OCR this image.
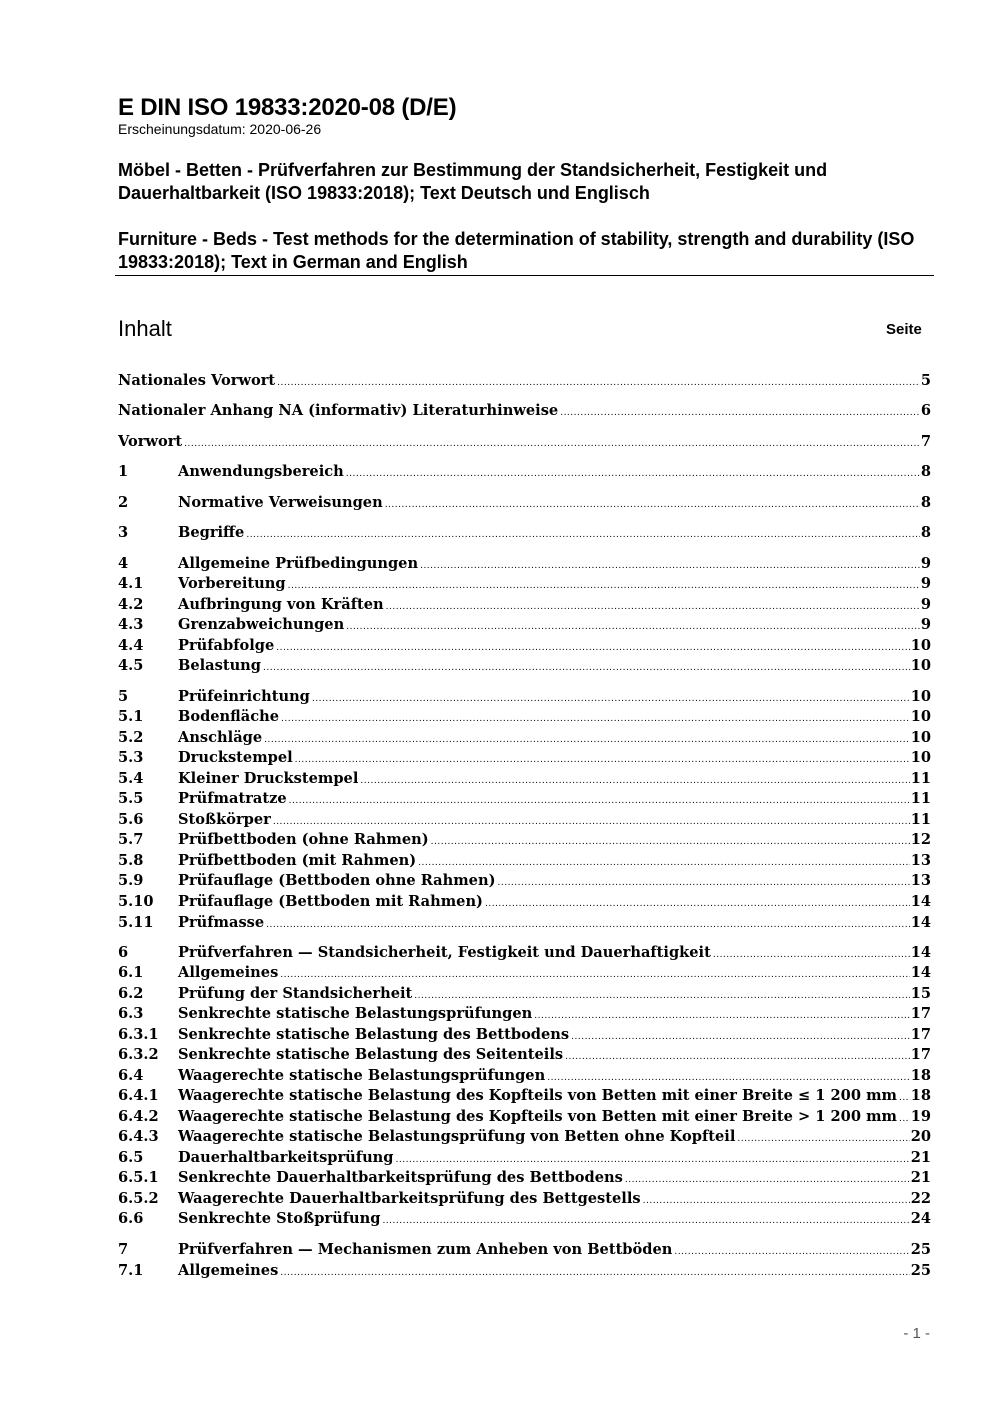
E DIN ISO 19833:2020-08 (D/E)
Erscheinungsdatum: 2020-06-26
Möbel - Betten - Prüfverfahren zur Bestimmung der Standsicherheit, Festigkeit und Dauerhaltbarkeit (ISO 19833:2018); Text Deutsch und Englisch
Furniture - Beds - Test methods for the determination of stability, strength and durability (ISO 19833:2018); Text in German and English
Inhalt	Seite
Nationales Vorwort .....	5
Nationaler Anhang NA (informativ) Literaturhinweise .....	6
Vorwort .....	7
1	Anwendungsbereich .....	8
2	Normative Verweisungen .....	8
3	Begriffe .....	8
4	Allgemeine Prüfbedingungen .....	9
4.1	Vorbereitung .....	9
4.2	Aufbringung von Kräften .....	9
4.3	Grenzabweichungen .....	9
4.4	Prüfabfolge .....	10
4.5	Belastung .....	10
5	Prüfeinrichtung .....	10
5.1	Bodenfläche .....	10
5.2	Anschläge .....	10
5.3	Druckstempel .....	10
5.4	Kleiner Druckstempel .....	11
5.5	Prüfmatratze .....	11
5.6	Stoßkörper .....	11
5.7	Prüfbettboden (ohne Rahmen) .....	12
5.8	Prüfbettboden (mit Rahmen) .....	13
5.9	Prüfauflage (Bettboden ohne Rahmen) .....	13
5.10	Prüfauflage (Bettboden mit Rahmen) .....	14
5.11	Prüfmasse .....	14
6	Prüfverfahren — Standsicherheit, Festigkeit und Dauerhaftigkeit .....	14
6.1	Allgemeines .....	14
6.2	Prüfung der Standsicherheit .....	15
6.3	Senkrechte statische Belastungsprüfungen .....	17
6.3.1	Senkrechte statische Belastung des Bettbodens .....	17
6.3.2	Senkrechte statische Belastung des Seitenteils .....	17
6.4	Waagerechte statische Belastungsprüfungen .....	18
6.4.1	Waagerechte statische Belastung des Kopfteils von Betten mit einer Breite ≤ 1 200 mm ..... 18
6.4.2	Waagerechte statische Belastung des Kopfteils von Betten mit einer Breite > 1 200 mm ..... 19
6.4.3	Waagerechte statische Belastungsprüfung von Betten ohne Kopfteil .....	20
6.5	Dauerhaltbarkeitsprüfung .....	21
6.5.1	Senkrechte Dauerhaltbarkeitsprüfung des Bettbodens .....	21
6.5.2	Waagerechte Dauerhaltbarkeitsprüfung des Bettgestells .....	22
6.6	Senkrechte Stoßprüfung .....	24
7	Prüfverfahren — Mechanismen zum Anheben von Bettböden .....	25
7.1	Allgemeines .....	25
- 1 -
